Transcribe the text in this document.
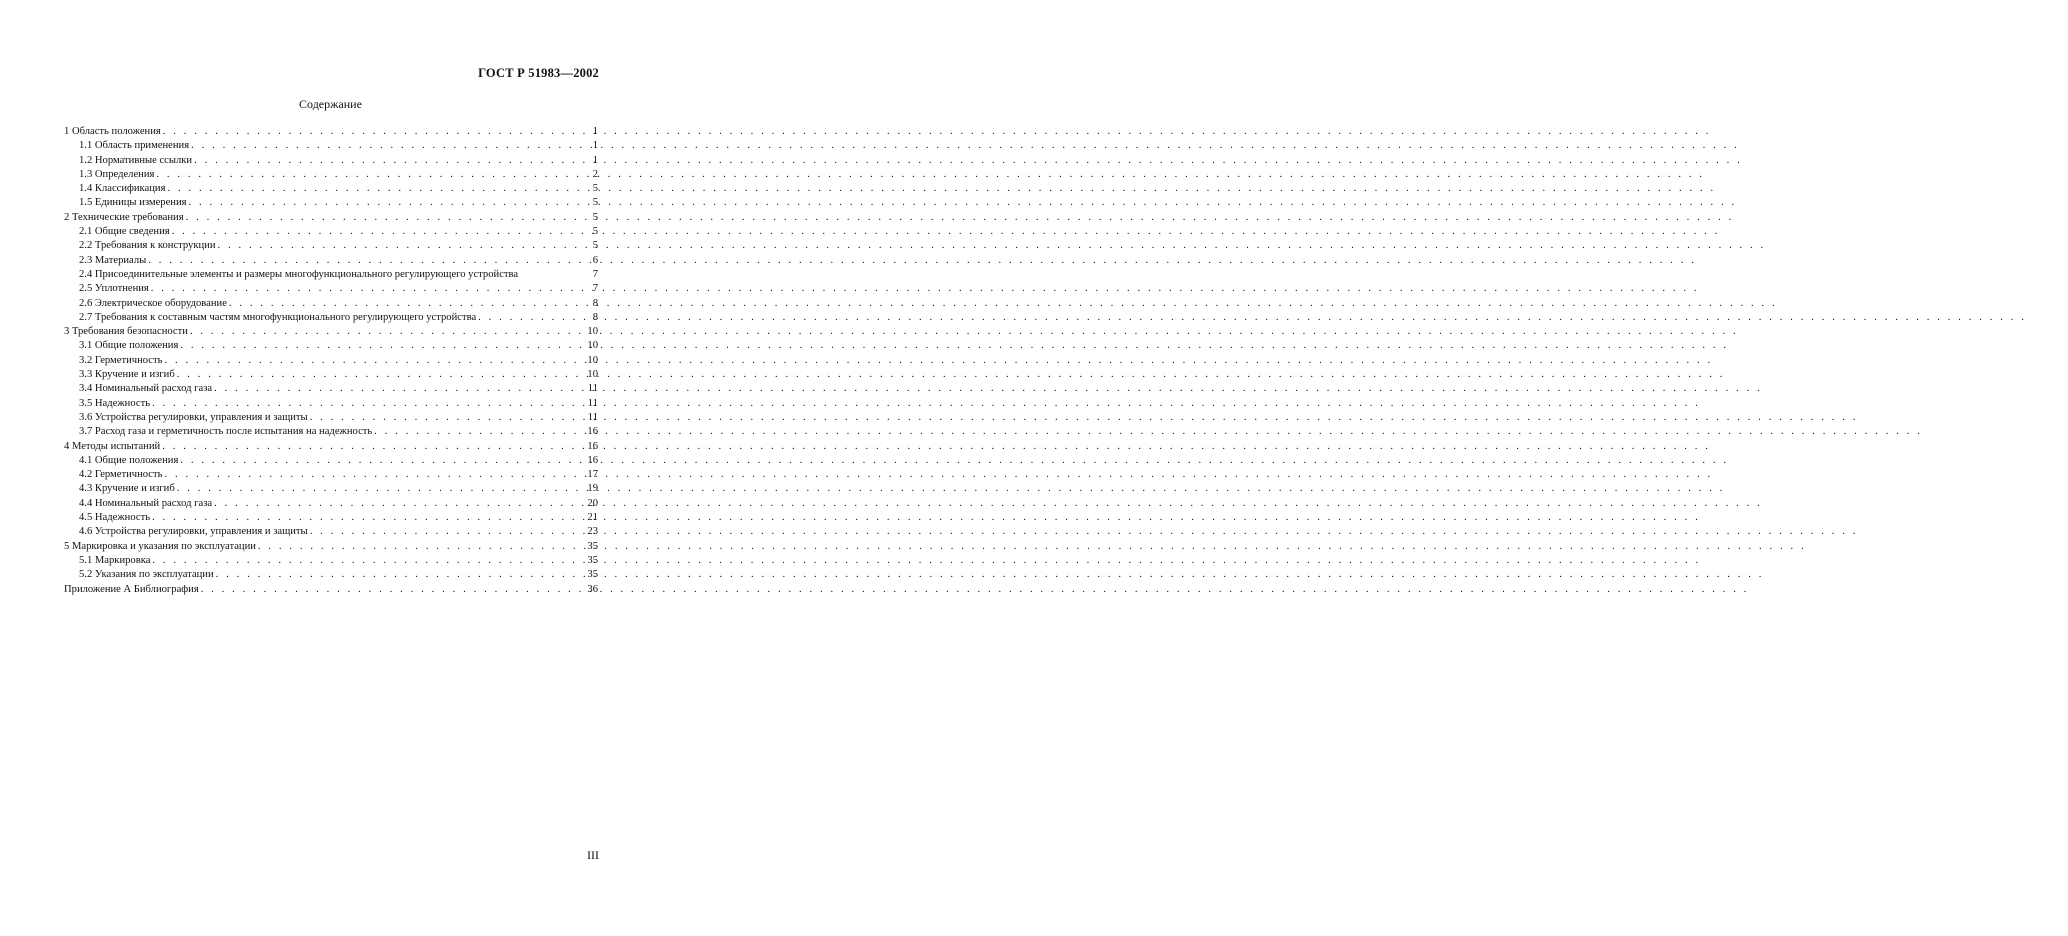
ГОСТ Р 51983—2002
Содержание
1 Область положения . . .	1
1.1 Область применения . . .	1
1.2 Нормативные ссылки . . .	1
1.3 Определения . . .	2
1.4 Классификация . . .	5
1.5 Единицы измерения . . .	5
2 Технические требования . . .	5
2.1 Общие сведения . . .	5
2.2 Требования к конструкции . . .	5
2.3 Материалы . . .	6
2.4 Присоединительные элементы и размеры многофункционального регулирующего устройства	7
2.5 Уплотнения . . .	7
2.6 Электрическое оборудование . . .	8
2.7 Требования к составным частям многофункционального регулирующего устройства . . .	8
3 Требования безопасности . . .	10
3.1 Общие положения . . .	10
3.2 Герметичность . . .	10
3.3 Кручение и изгиб . . .	10
3.4 Номинальный расход газа . . .	11
3.5 Надежность . . .	11
3.6 Устройства регулировки, управления и защиты . . .	11
3.7 Расход газа и герметичность после испытания на надежность . . .	16
4 Методы испытаний . . .	16
4.1 Общие положения . . .	16
4.2 Герметичность . . .	17
4.3 Кручение и изгиб . . .	19
4.4 Номинальный расход газа . . .	20
4.5 Надежность . . .	21
4.6 Устройства регулировки, управления и защиты . . .	23
5 Маркировка и указания по эксплуатации . . .	35
5.1 Маркировка . . .	35
5.2 Указания по эксплуатации . . .	35
Приложение А Библиография . . .	36
III
